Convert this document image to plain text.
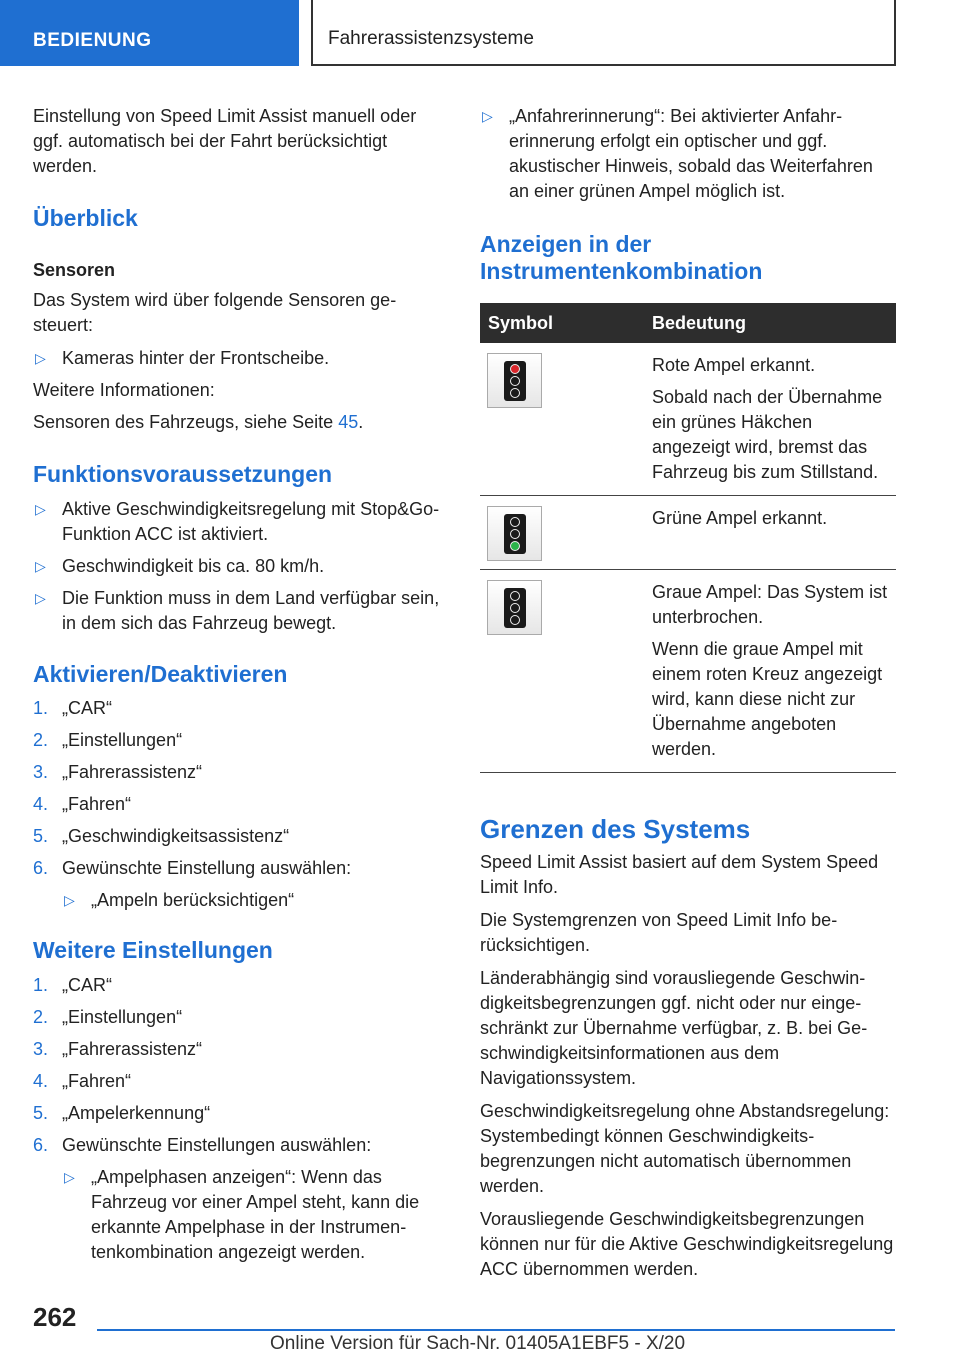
BEDIENUNG	Fahrerassistenzsysteme
Einstellung von Speed Limit Assist manuell oder ggf. automatisch bei der Fahrt berücksichtigt werden.
Überblick
Sensoren
Das System wird über folgende Sensoren gesteuert:
▷ Kameras hinter der Frontscheibe.
Weitere Informationen:
Sensoren des Fahrzeugs, siehe Seite 45.
Funktionsvoraussetzungen
▷ Aktive Geschwindigkeitsregelung mit Stop&Go-Funktion ACC ist aktiviert.
▷ Geschwindigkeit bis ca. 80 km/h.
▷ Die Funktion muss in dem Land verfügbar sein, in dem sich das Fahrzeug bewegt.
Aktivieren/Deaktivieren
1. „CAR“
2. „Einstellungen“
3. „Fahrerassistenz“
4. „Fahren“
5. „Geschwindigkeitsassistenz“
6. Gewünschte Einstellung auswählen:
▷ „Ampeln berücksichtigen“
Weitere Einstellungen
1. „CAR“
2. „Einstellungen“
3. „Fahrerassistenz“
4. „Fahren“
5. „Ampelerkennung“
6. Gewünschte Einstellungen auswählen:
▷ „Ampelphasen anzeigen“: Wenn das Fahrzeug vor einer Ampel steht, kann die erkannte Ampelphase in der Instrumentenkombination angezeigt werden.
▷ „Anfahrerinnerung“: Bei aktivierter Anfahrerinnerung erfolgt ein optischer und ggf. akustischer Hinweis, sobald das Weiterfahren an einer grünen Ampel möglich ist.
Anzeigen in der Instrumentenkombination
Symbol	Bedeutung

	Rote Ampel erkannt.
Sobald nach der Übernahme ein grünes Häkchen angezeigt wird, bremst das Fahrzeug bis zum Stillstand.

	Grüne Ampel erkannt.

	Graue Ampel: Das System ist unterbrochen.
Wenn die graue Ampel mit einem roten Kreuz angezeigt wird, kann diese nicht zur Übernahme angeboten werden.
Grenzen des Systems
Speed Limit Assist basiert auf dem System Speed Limit Info.
Die Systemgrenzen von Speed Limit Info berücksichtigen.
Länderabhängig sind vorausliegende Geschwindigkeitsbegrenzungen ggf. nicht oder nur eingeschränkt zur Übernahme verfügbar, z. B. bei Geschwindigkeitsinformationen aus dem Navigationssystem.
Geschwindigkeitsregelung ohne Abstandsregelung: Systembedingt können Geschwindigkeitsbegrenzungen nicht automatisch übernommen werden.
Vorausliegende Geschwindigkeitsbegrenzungen können nur für die Aktive Geschwindigkeitsregelung ACC übernommen werden.
262
Online Version für Sach-Nr. 01405A1EBF5 - X/20
